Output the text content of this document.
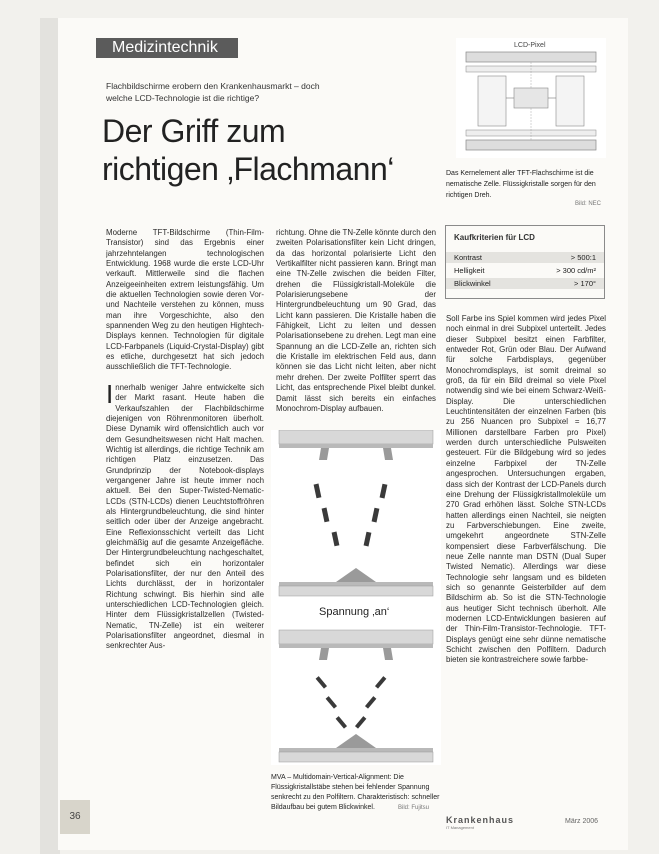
Medizintechnik
Flachbildschirme erobern den Krankenhausmarkt – doch welche LCD-Technologie ist die richtige?
Der Griff zum
richtigen ‚Flachmann‘
LCD-Pixel
Das Kernelement aller TFT-Flachschirme ist die nematische Zelle. Flüssigkristalle sorgen für den richtigen Dreh.
Bild: NEC
Kaufkriterien für LCD
Kontrast	> 500:1
Helligkeit	> 300 cd/m²
Blickwinkel	> 170°

Moderne TFT-Bildschirme (Thin-Film-Transistor) sind das Ergebnis einer jahrzehntelangen technologischen Entwicklung. 1968 wurde die erste LCD-Uhr verkauft. Mittlerweile sind die flachen Anzeigeeinheiten extrem leistungsfähig. Um die aktuellen Technologien sowie deren Vor- und Nachteile verstehen zu können, muss man ihre Vorgeschichte, also den spannenden Weg zu den heutigen Hightech-Displays kennen. Technologien für digitale LCD-Farbpanels (Liquid-Crystal-Display) gibt es etliche, durchgesetzt hat sich jedoch ausschließlich die TFT-Technologie.

Innerhalb weniger Jahre entwickelte sich der Markt rasant. Heute haben die Verkaufszahlen der Flachbildschirme diejenigen von Röhrenmonitoren überholt. Diese Dynamik wird offensichtlich auch vor dem Gesundheitswesen nicht Halt machen. Wichtig ist allerdings, die richtige Technik am richtigen Platz einzusetzen. Das Grundprinzip der Notebook-displays vergangener Jahre ist heute immer noch aktuell. Bei den Super-Twisted-Nematic-LCDs (STN-LCDs) dienen Leuchtstoffröhren als Hintergrundbeleuchtung, die sind hinter seitlich oder über der Anzeige angebracht. Eine Reflexionsschicht verteilt das Licht gleichmäßig auf die gesamte Anzeigefläche. Der Hintergrundbeleuchtung nachgeschaltet, befindet sich ein horizontaler Polarisationsfilter, der nur den Anteil des Lichts durchlässt, der in horizontaler Richtung schwingt. Bis hierhin sind alle unterschiedlichen LCD-Technologien gleich. Hinter dem Flüssigkristallzellen (Twisted-Nematic, TN-Zelle) ist ein weiterer Polarisationsfilter angeordnet, diesmal in senkrechter Aus-

richtung. Ohne die TN-Zelle könnte durch den zweiten Polarisationsfilter kein Licht dringen, da das horizontal polarisierte Licht den Vertikalfilter nicht passieren kann. Bringt man eine TN-Zelle zwischen die beiden Filter, drehen die Flüssigkristall-Moleküle die Polarisierungsebene der Hintergrundbeleuchtung um 90 Grad, das Licht kann passieren. Die Kristalle haben die Fähigkeit, Licht zu leiten und dessen Polarisationsebene zu drehen. Legt man eine Spannung an die LCD-Zelle an, richten sich die Kristalle im elektrischen Feld aus, dann können sie das Licht nicht leiten, aber nicht mehr drehen. Der zweite Polfilter sperrt das Licht, das entsprechende Pixel bleibt dunkel. Damit lässt sich bereits ein einfaches Monochrom-Display aufbauen.

Spannung ‚an‘
MVA – Multidomain-Vertical-Alignment: Die Flüssigkristallstäbe stehen bei fehlender Spannung senkrecht zu den Polfiltern. Charakteristisch: schneller Bildaufbau bei gutem Blickwinkel.	Bild: Fujitsu

Soll Farbe ins Spiel kommen wird jedes Pixel noch einmal in drei Subpixel unterteilt. Jedes dieser Subpixel besitzt einen Farbfilter, entweder Rot, Grün oder Blau. Der Aufwand für solche Farbdisplays, gegenüber Monochromdisplays, ist somit dreimal so groß, da für ein Bild dreimal so viele Pixel notwendig sind wie bei einem Schwarz-Weiß-Display. Die unterschiedlichen Leuchtintensitäten der einzelnen Farben (bis zu 256 Nuancen pro Subpixel = 16,77 Millionen darstellbare Farben pro Pixel) werden durch unterschiedliche Pulsweiten gesteuert. Für die Bildgebung wird so jedes einzelne Farbpixel der TN-Zelle angesprochen. Untersuchungen ergaben, dass sich der Kontrast der LCD-Panels durch eine Drehung der Flüssigkristallmoleküle um 270 Grad erhöhen lässt. Solche STN-LCDs hatten allerdings einen Nachteil, sie neigten zu Farbverschiebungen. Eine zweite, umgekehrt angeordnete STN-Zelle kompensiert diese Farbverfälschung. Die neue Zelle nannte man DSTN (Dual Super Twisted Nematic). Allerdings war diese Technologie sehr langsam und es bildeten sich so genannte Geisterbilder auf dem Bildschirm ab. So ist die STN-Technologie aus heutiger Sicht technisch überholt. Alle modernen LCD-Entwicklungen basieren auf der Thin-Film-Transistor-Technologie. TFT-Displays genügt eine sehr dünne nematische Schicht zwischen den Polfiltern. Dadurch bieten sie kontrastreichere sowie farbbe-

36	Krankenhaus
IT Management
März 2006
